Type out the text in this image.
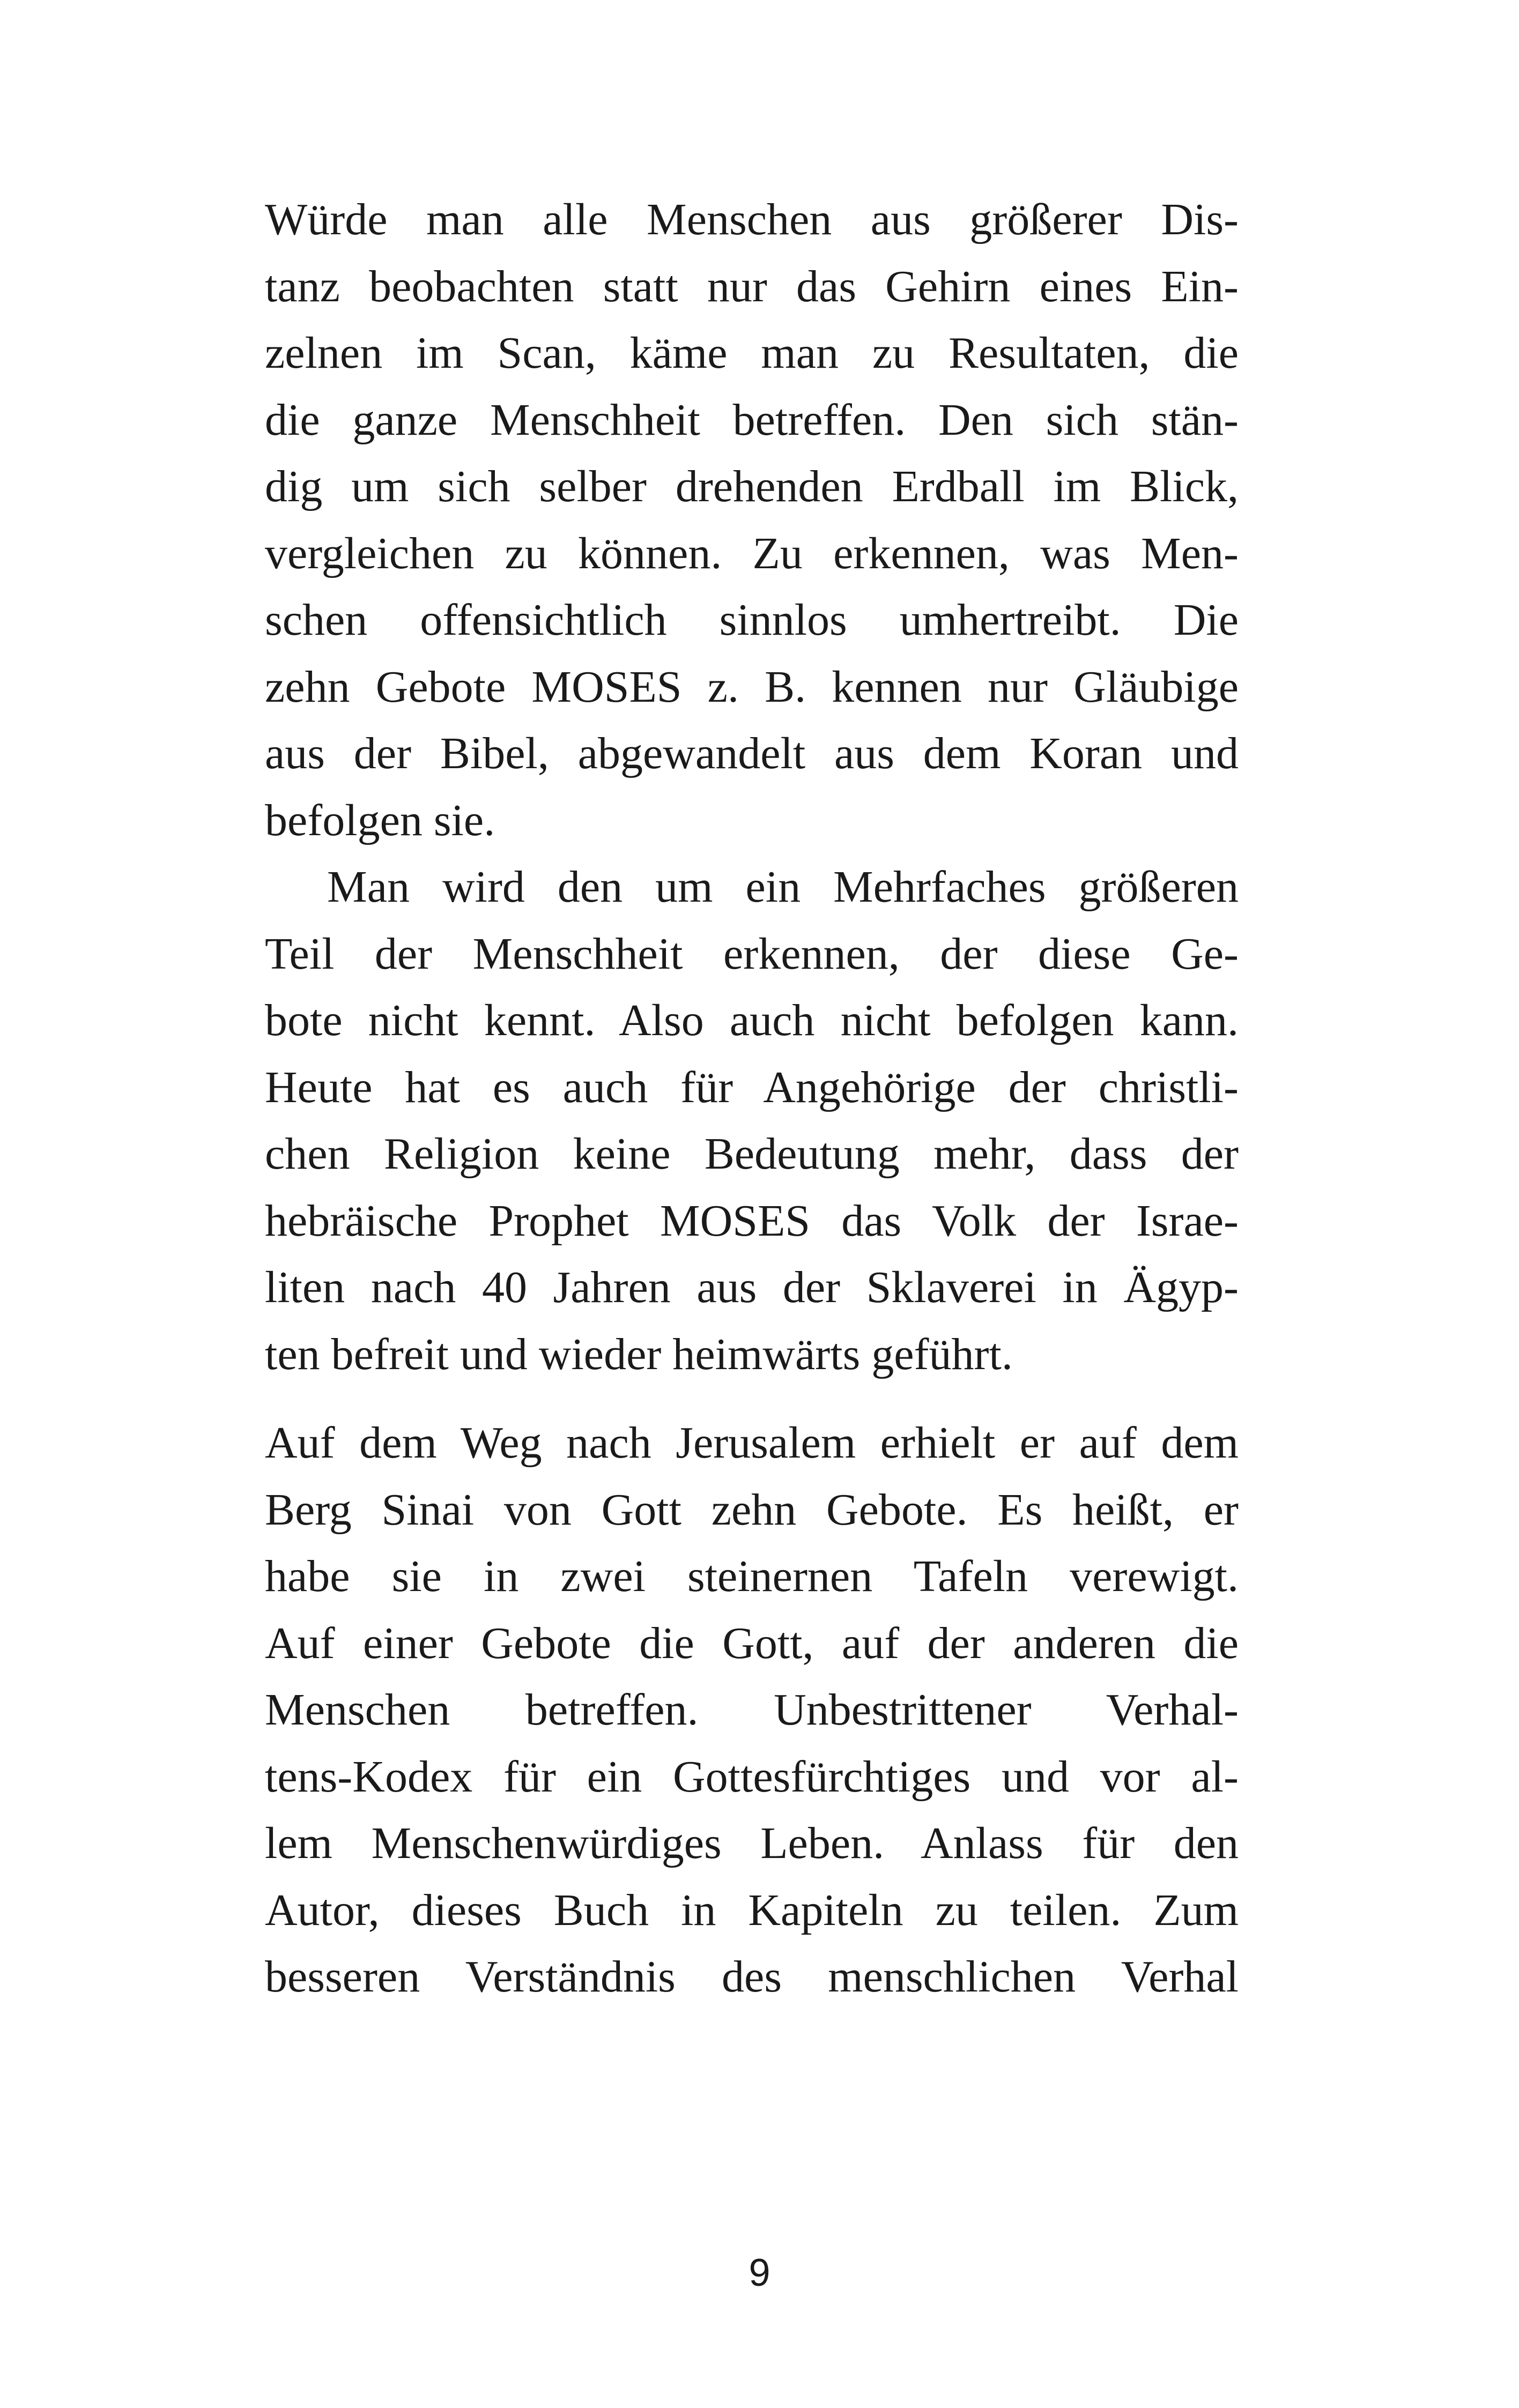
Würde man alle Menschen aus größerer Dis-
tanz beobachten statt nur das Gehirn eines Ein-
zelnen im Scan, käme man zu Resultaten, die
die ganze Menschheit betreffen. Den sich stän-
dig um sich selber drehenden Erdball im Blick,
vergleichen zu können. Zu erkennen, was Men-
schen offensichtlich sinnlos umhertreibt. Die
zehn Gebote MOSES z. B. kennen nur Gläubige
aus der Bibel, abgewandelt aus dem Koran und
befolgen sie.
Man wird den um ein Mehrfaches größeren
Teil der Menschheit erkennen, der diese Ge-
bote nicht kennt. Also auch nicht befolgen kann.
Heute hat es auch für Angehörige der christli-
chen Religion keine Bedeutung mehr, dass der
hebräische Prophet MOSES das Volk der Israe-
liten nach 40 Jahren aus der Sklaverei in Ägyp-
ten befreit und wieder heimwärts geführt.
Auf dem Weg nach Jerusalem erhielt er auf dem
Berg Sinai von Gott zehn Gebote. Es heißt, er
habe sie in zwei steinernen Tafeln verewigt.
Auf einer Gebote die Gott, auf der anderen die
Menschen betreffen. Unbestrittener Verhal-
tens-Kodex für ein Gottesfürchtiges und vor al-
lem Menschenwürdiges Leben. Anlass für den
Autor, dieses Buch in Kapiteln zu teilen. Zum
besseren Verständnis des menschlichen Verhal
9
